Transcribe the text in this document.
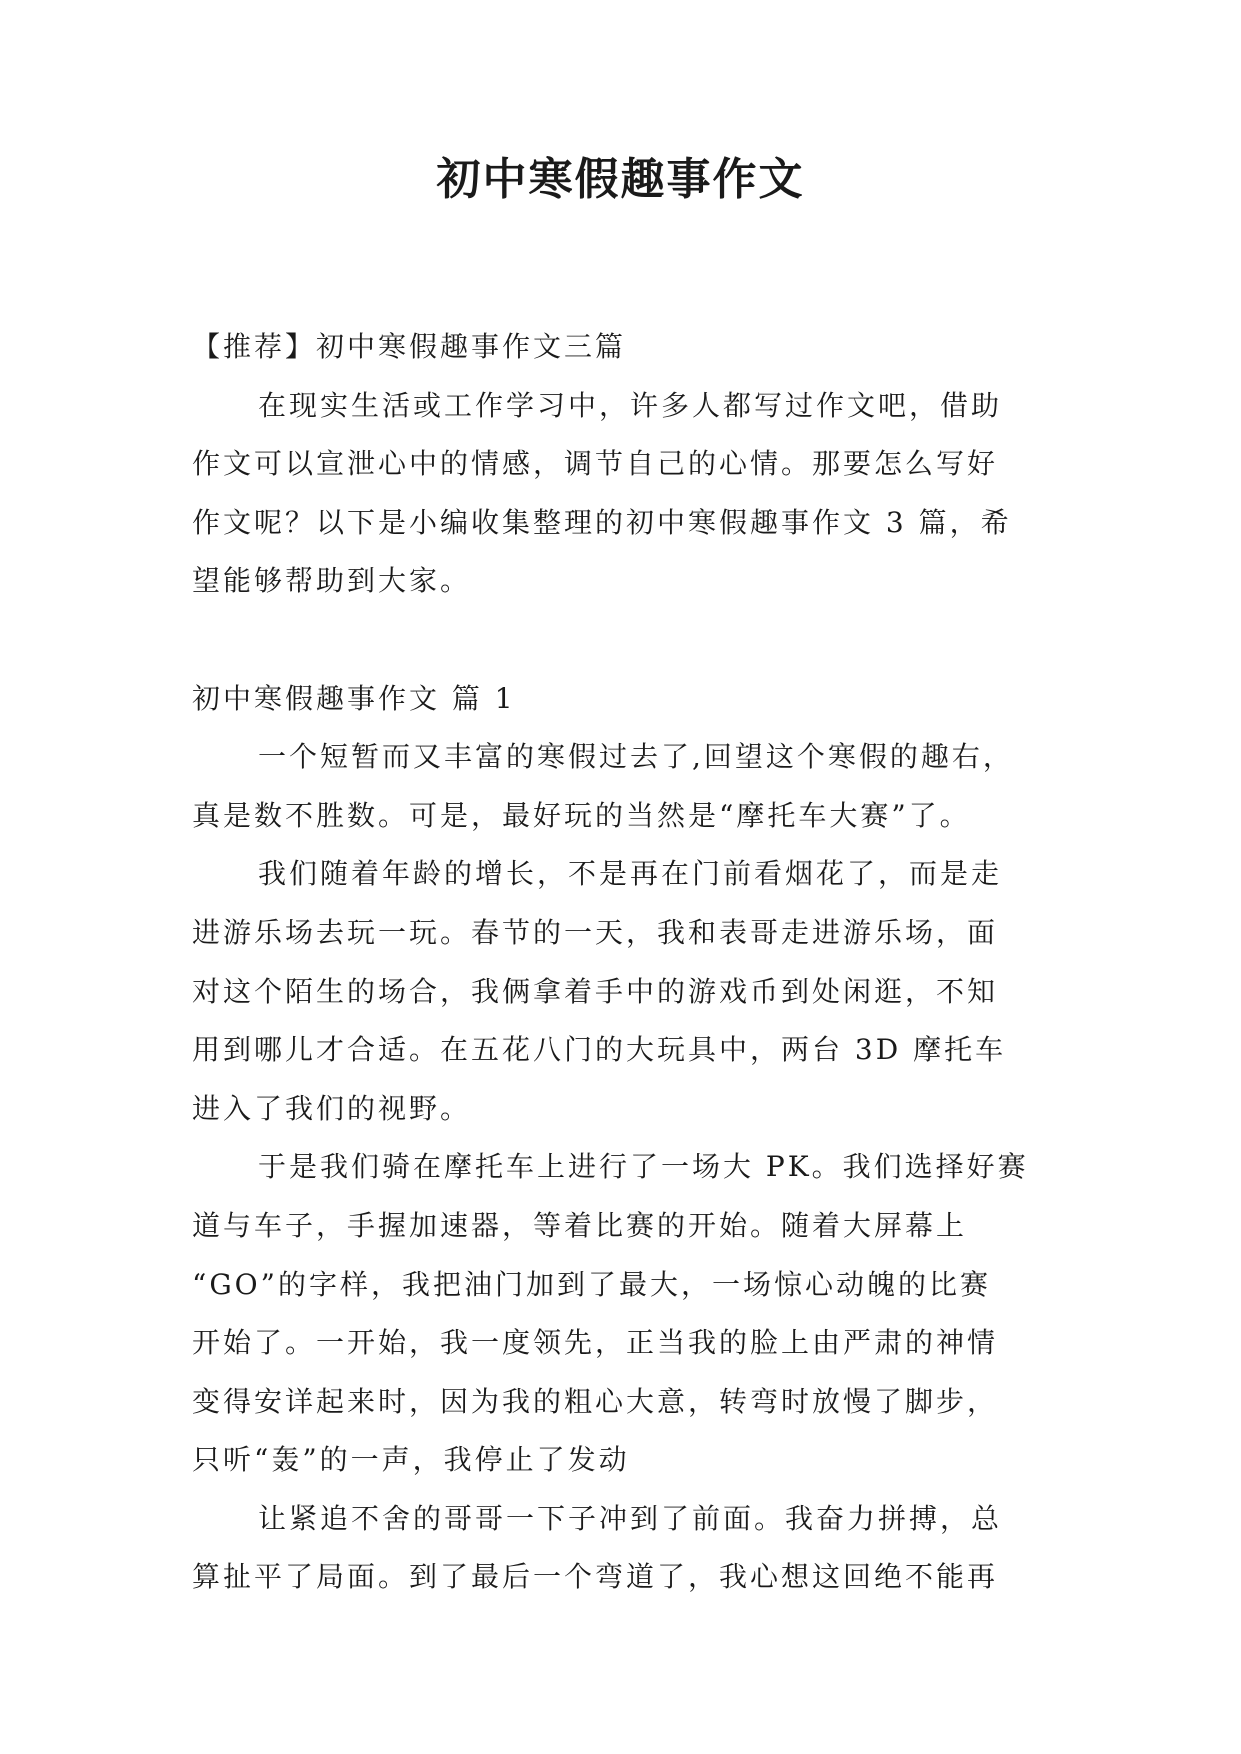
初中寒假趣事作文

【推荐】初中寒假趣事作文三篇

在现实生活或工作学习中，许多人都写过作文吧，借助

作文可以宣泄心中的情感，调节自己的心情。那要怎么写好

作文呢？以下是小编收集整理的初中寒假趣事作文 3 篇，希

望能够帮助到大家。

初中寒假趣事作文 篇 1

一个短暂而又丰富的寒假过去了,回望这个寒假的趣右，

真是数不胜数。可是，最好玩的当然是“摩托车大赛”了。

我们随着年龄的增长，不是再在门前看烟花了，而是走

进游乐场去玩一玩。春节的一天，我和表哥走进游乐场，面

对这个陌生的场合，我俩拿着手中的游戏币到处闲逛，不知

用到哪儿才合适。在五花八门的大玩具中，两台 3D 摩托车

进入了我们的视野。

于是我们骑在摩托车上进行了一场大 PK。我们选择好赛

道与车子，手握加速器，等着比赛的开始。随着大屏幕上

“GO”的字样，我把油门加到了最大，一场惊心动魄的比赛

开始了。一开始，我一度领先，正当我的脸上由严肃的神情

变得安详起来时，因为我的粗心大意，转弯时放慢了脚步，

只听“轰”的一声，我停止了发动

让紧追不舍的哥哥一下子冲到了前面。我奋力拼搏，总

算扯平了局面。到了最后一个弯道了，我心想这回绝不能再
